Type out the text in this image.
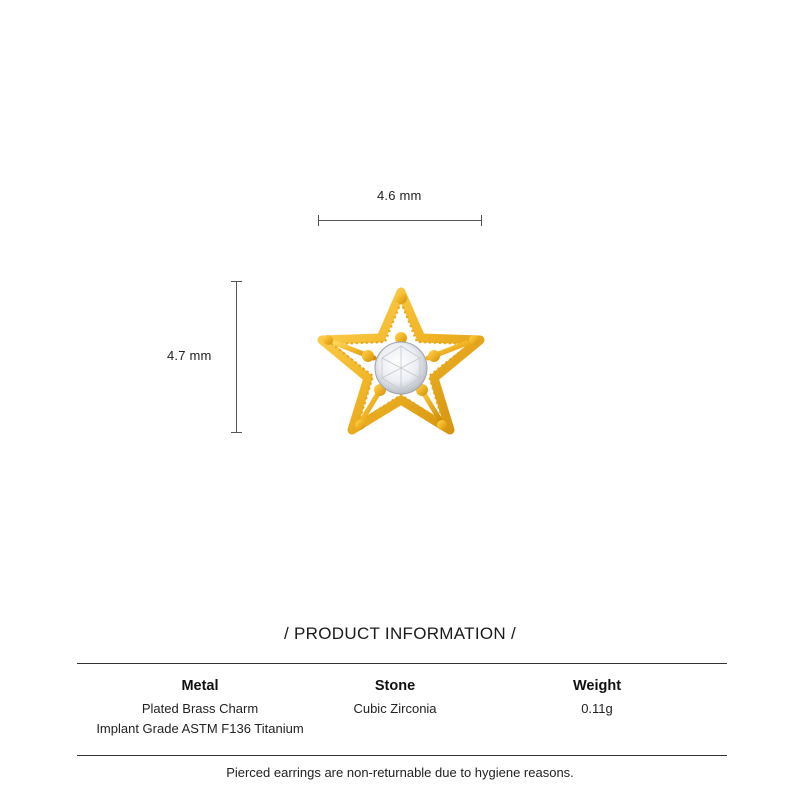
4.6 mm
4.7 mm
/ PRODUCT INFORMATION /
Metal
Plated Brass Charm
Implant Grade ASTM F136 Titanium
Stone
Cubic Zirconia
Weight
0.11g
Pierced earrings are non-returnable due to hygiene reasons.
